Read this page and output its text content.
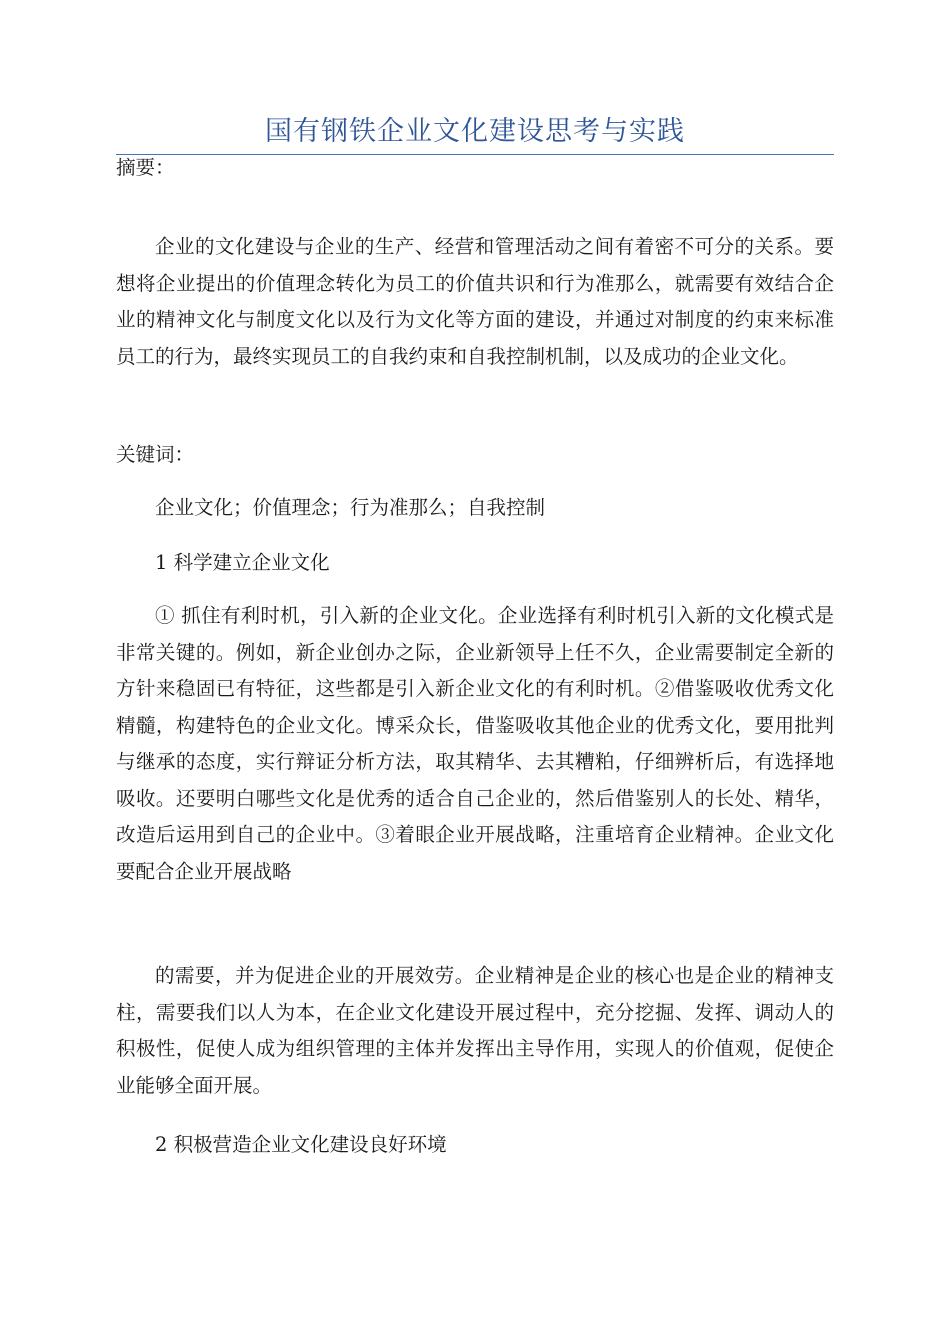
国有钢铁企业文化建设思考与实践

摘要：

企业的文化建设与企业的生产、经营和管理活动之间有着密不可分的关系。要想将企业提出的价值理念转化为员工的价值共识和行为准那么，就需要有效结合企业的精神文化与制度文化以及行为文化等方面的建设，并通过对制度的约束来标准员工的行为，最终实现员工的自我约束和自我控制机制，以及成功的企业文化。

关键词：

企业文化；价值理念；行为准那么；自我控制

1 科学建立企业文化

① 抓住有利时机，引入新的企业文化。企业选择有利时机引入新的文化模式是非常关键的。例如，新企业创办之际，企业新领导上任不久，企业需要制定全新的方针来稳固已有特征，这些都是引入新企业文化的有利时机。②借鉴吸收优秀文化精髓，构建特色的企业文化。博采众长，借鉴吸收其他企业的优秀文化，要用批判与继承的态度，实行辩证分析方法，取其精华、去其糟粕，仔细辨析后，有选择地吸收。还要明白哪些文化是优秀的适合自己企业的，然后借鉴别人的长处、精华，改造后运用到自己的企业中。③着眼企业开展战略，注重培育企业精神。企业文化要配合企业开展战略

的需要，并为促进企业的开展效劳。企业精神是企业的核心也是企业的精神支柱，需要我们以人为本，在企业文化建设开展过程中，充分挖掘、发挥、调动人的积极性，促使人成为组织管理的主体并发挥出主导作用，实现人的价值观，促使企业能够全面开展。

2 积极营造企业文化建设良好环境
